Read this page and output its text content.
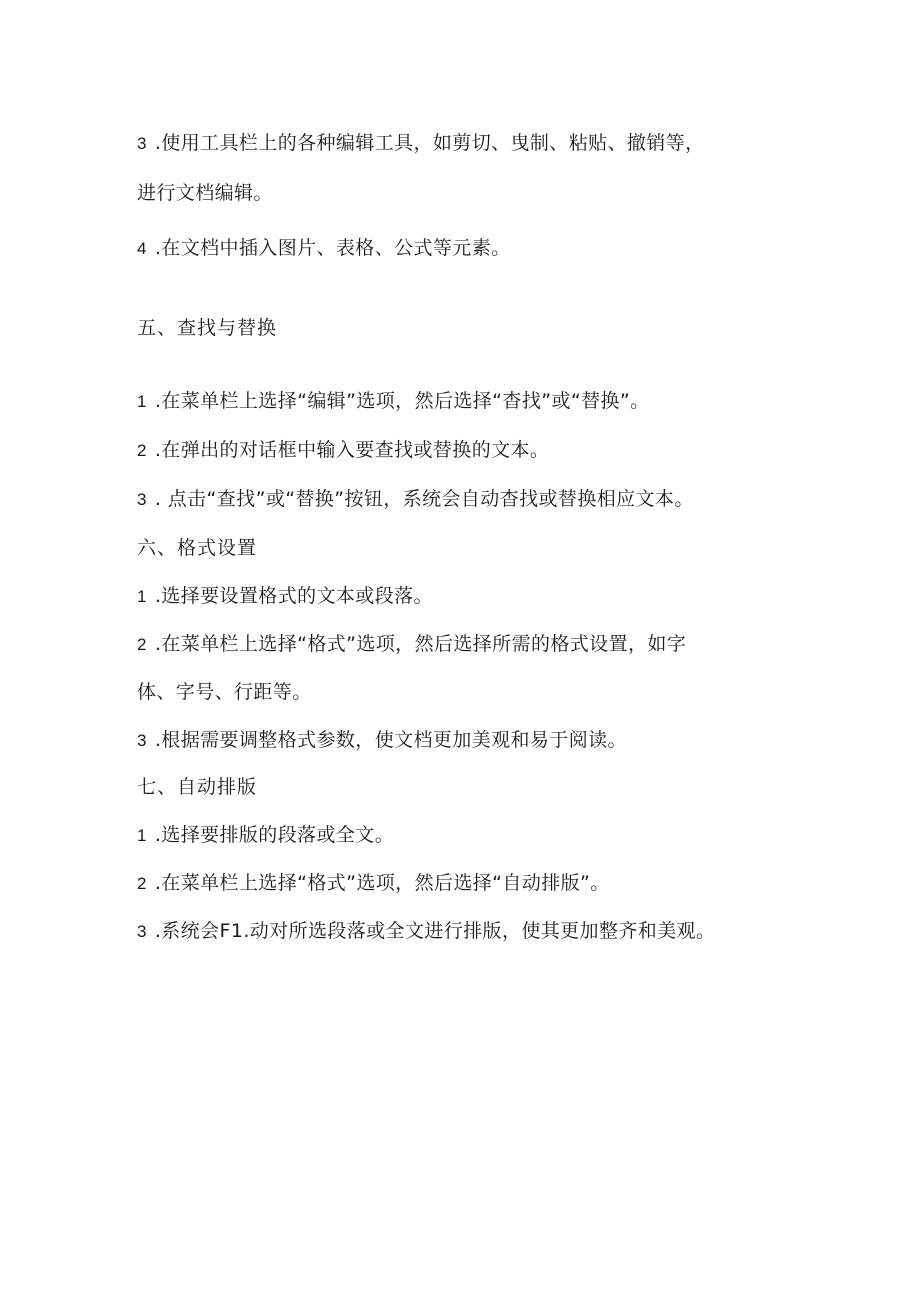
3 .使用工具栏上的各种编辑工具，如剪切、曳制、粘贴、撤销等，
进行文档编辑。
4 .在文档中插入图片、表格、公式等元素。
五、查找与替换
1 .在菜单栏上选择“编辑”选项，然后选择“杳找”或“替换”。
2 .在弹出的对话框中输入要查找或替换的文本。
3 . 点击“查找”或“替换”按钮，系统会自动杳找或替换相应文本。
六、格式设置
1 .选择要设置格式的文本或段落。
2 .在菜单栏上选择“格式”选项，然后选择所需的格式设置，如字
体、字号、行距等。
3 .根据需要调整格式参数，使文档更加美观和易于阅读。
七、自动排版
1 .选择要排版的段落或全文。
2 .在菜单栏上选择“格式”选项，然后选择“自动排版”。
3 .系统会F1.动对所选段落或全文进行排版，使其更加整齐和美观。
